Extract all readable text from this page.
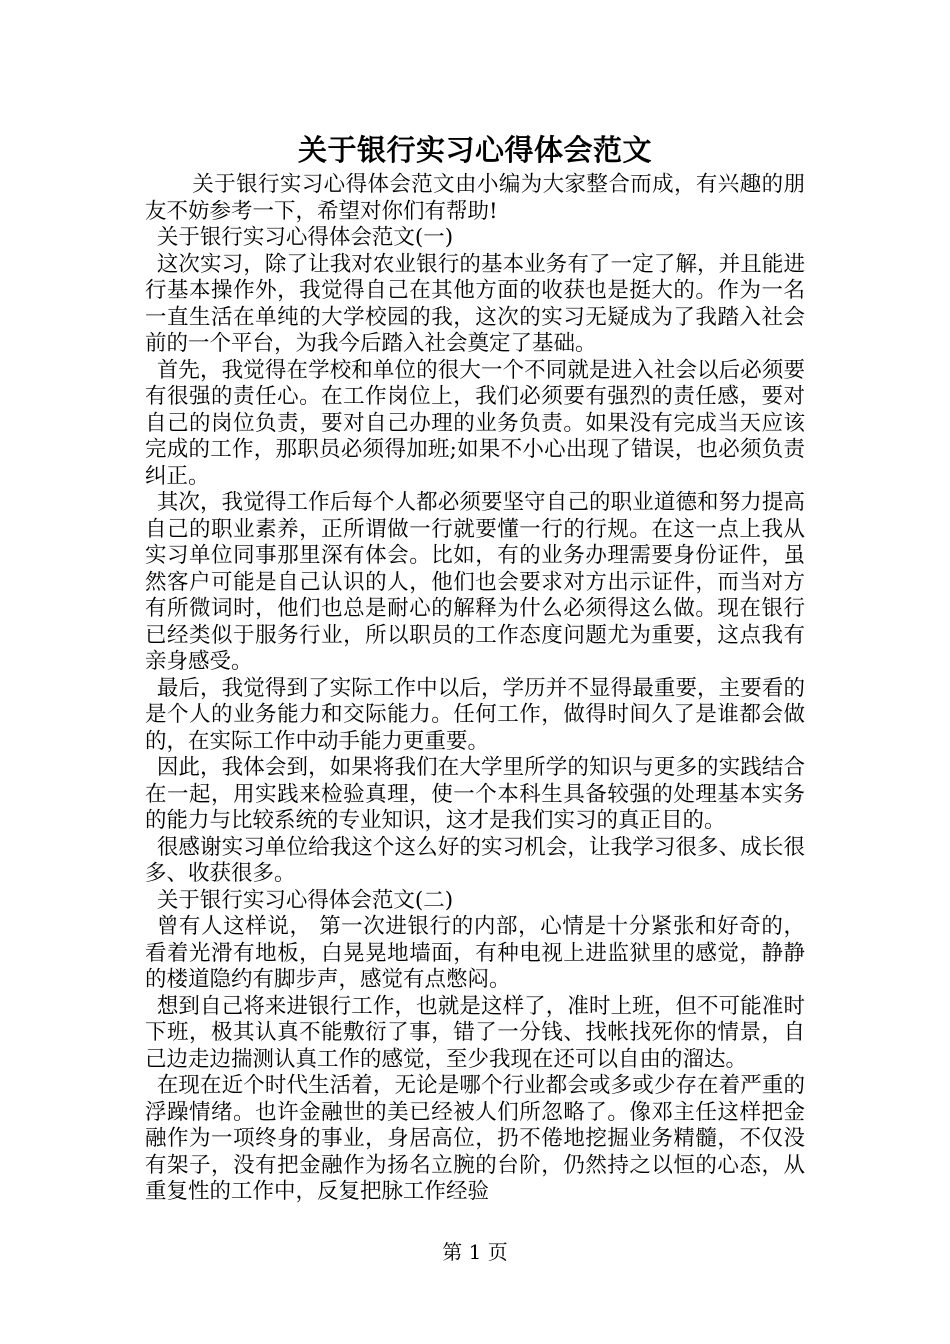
关于银行实习心得体会范文

关于银行实习心得体会范文由小编为大家整合而成，有兴趣的朋友不妨参考一下，希望对你们有帮助!

关于银行实习心得体会范文(一)

这次实习，除了让我对农业银行的基本业务有了一定了解，并且能进行基本操作外，我觉得自己在其他方面的收获也是挺大的。作为一名一直生活在单纯的大学校园的我，这次的实习无疑成为了我踏入社会前的一个平台，为我今后踏入社会奠定了基础。

首先，我觉得在学校和单位的很大一个不同就是进入社会以后必须要有很强的责任心。在工作岗位上，我们必须要有强烈的责任感，要对自己的岗位负责，要对自己办理的业务负责。如果没有完成当天应该完成的工作，那职员必须得加班;如果不小心出现了错误，也必须负责纠正。

其次，我觉得工作后每个人都必须要坚守自己的职业道德和努力提高自己的职业素养，正所谓做一行就要懂一行的行规。在这一点上我从实习单位同事那里深有体会。比如，有的业务办理需要身份证件，虽然客户可能是自己认识的人，他们也会要求对方出示证件，而当对方有所微词时，他们也总是耐心的解释为什么必须得这么做。现在银行已经类似于服务行业，所以职员的工作态度问题尤为重要，这点我有亲身感受。

最后，我觉得到了实际工作中以后，学历并不显得最重要，主要看的是个人的业务能力和交际能力。任何工作，做得时间久了是谁都会做的，在实际工作中动手能力更重要。

因此，我体会到，如果将我们在大学里所学的知识与更多的实践结合在一起，用实践来检验真理，使一个本科生具备较强的处理基本实务的能力与比较系统的专业知识，这才是我们实习的真正目的。

很感谢实习单位给我这个这么好的实习机会，让我学习很多、成长很多、收获很多。

关于银行实习心得体会范文(二)

曾有人这样说， 第一次进银行的内部，心情是十分紧张和好奇的，看着光滑有地板，白晃晃地墙面，有种电视上进监狱里的感觉，静静的楼道隐约有脚步声，感觉有点憋闷。

想到自己将来进银行工作，也就是这样了，准时上班，但不可能准时下班，极其认真不能敷衍了事，错了一分钱、找帐找死你的情景，自己边走边揣测认真工作的感觉，至少我现在还可以自由的溜达。

在现在近个时代生活着，无论是哪个行业都会或多或少存在着严重的浮躁情绪。也许金融世的美已经被人们所忽略了。像邓主任这样把金融作为一项终身的事业，身居高位，扔不倦地挖掘业务精髓，不仅没有架子，没有把金融作为扬名立腕的台阶，仍然持之以恒的心态，从重复性的工作中，反复把脉工作经验

第 1 页
